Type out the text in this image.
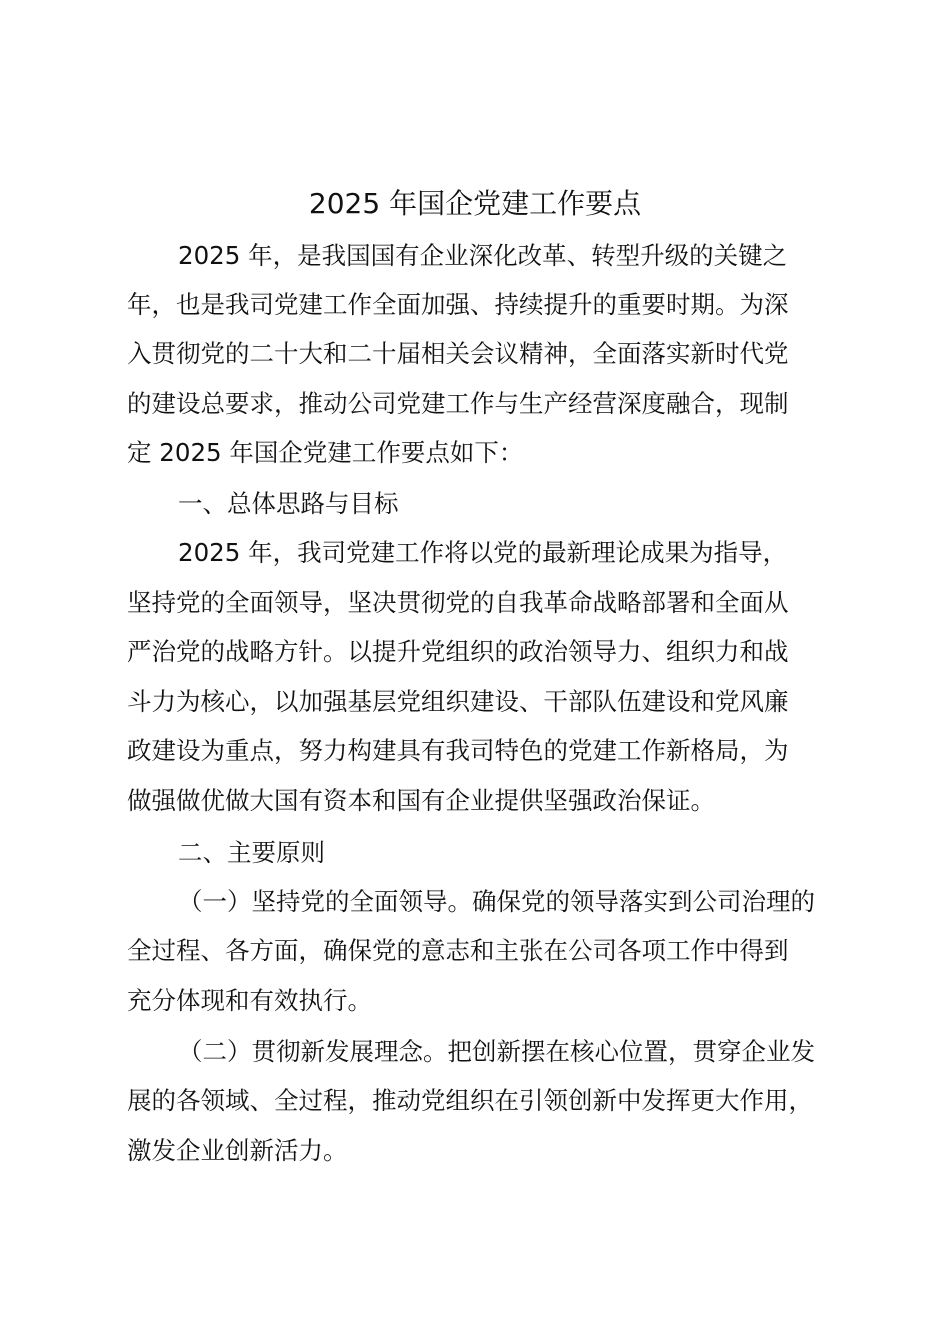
2025 年国企党建工作要点
2025 年，是我国国有企业深化改革、转型升级的关键之
年，也是我司党建工作全面加强、持续提升的重要时期。为深
入贯彻党的二十大和二十届相关会议精神，全面落实新时代党
的建设总要求，推动公司党建工作与生产经营深度融合，现制
定 2025 年国企党建工作要点如下：
一、总体思路与目标
2025 年，我司党建工作将以党的最新理论成果为指导，
坚持党的全面领导，坚决贯彻党的自我革命战略部署和全面从
严治党的战略方针。以提升党组织的政治领导力、组织力和战
斗力为核心，以加强基层党组织建设、干部队伍建设和党风廉
政建设为重点，努力构建具有我司特色的党建工作新格局，为
做强做优做大国有资本和国有企业提供坚强政治保证。
二、主要原则
（一）坚持党的全面领导。确保党的领导落实到公司治理的
全过程、各方面，确保党的意志和主张在公司各项工作中得到
充分体现和有效执行。
（二）贯彻新发展理念。把创新摆在核心位置，贯穿企业发
展的各领域、全过程，推动党组织在引领创新中发挥更大作用，
激发企业创新活力。
